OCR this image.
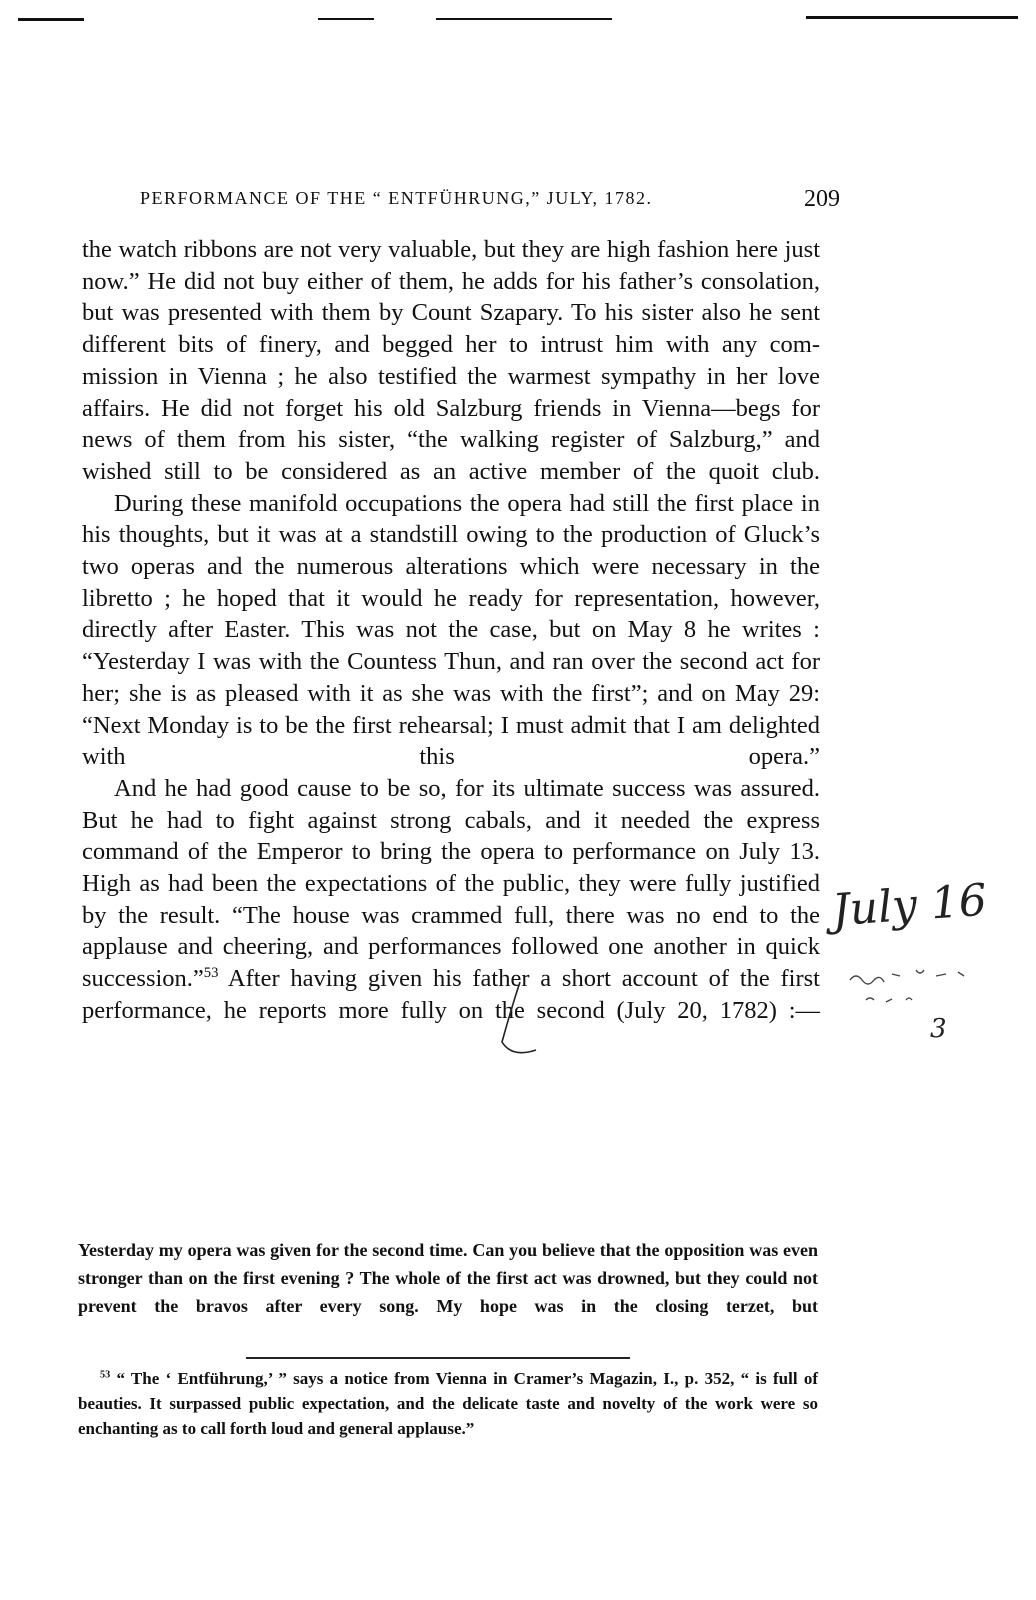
PERFORMANCE OF THE “ ENTFÜHRUNG,” JULY, 1782.	209

the watch ribbons are not very valuable, but they are high fashion here just now.” He did not buy either of them, he adds for his father’s consolation, but was presented with them by Count Szapary. To his sister also he sent different bits of finery, and begged her to intrust him with any com- mission in Vienna ; he also testified the warmest sympathy in her love affairs. He did not forget his old Salzburg friends in Vienna—begs for news of them from his sister, “the walking register of Salzburg,” and wished still to be considered as an active member of the quoit club.

During these manifold occupations the opera had still the first place in his thoughts, but it was at a standstill owing to the production of Gluck’s two operas and the numerous alterations which were necessary in the libretto ; he hoped that it would he ready for representation, however, directly after Easter. This was not the case, but on May 8 he writes : “Yesterday I was with the Countess Thun, and ran over the second act for her; she is as pleased with it as she was with the first”; and on May 29: “Next Monday is to be the first rehearsal; I must admit that I am delighted with this opera.”

And he had good cause to be so, for its ultimate success was assured. But he had to fight against strong cabals, and it needed the express command of the Emperor to bring the opera to performance on July 13. High as had been the expectations of the public, they were fully justified by the result. “The house was crammed full, there was no end to the applause and cheering, and performances followed one another in quick succession.”$^{53}$ After having given his father a short account of the first performance, he reports more fully on the second (July 20, 1782) :—

Yesterday my opera was given for the second time. Can you believe that the opposition was even stronger than on the first evening ? The whole of the first act was drowned, but they could not prevent the bravos after every song. My hope was in the closing terzet, but

$^{53}$ “ The ‘ Entführung,’ ” says a notice from Vienna in Cramer’s Magazin, I., p. 352, “ is full of beauties. It surpassed public expectation, and the delicate taste and novelty of the work were so enchanting as to call forth loud and general applause.”

July 16
3
